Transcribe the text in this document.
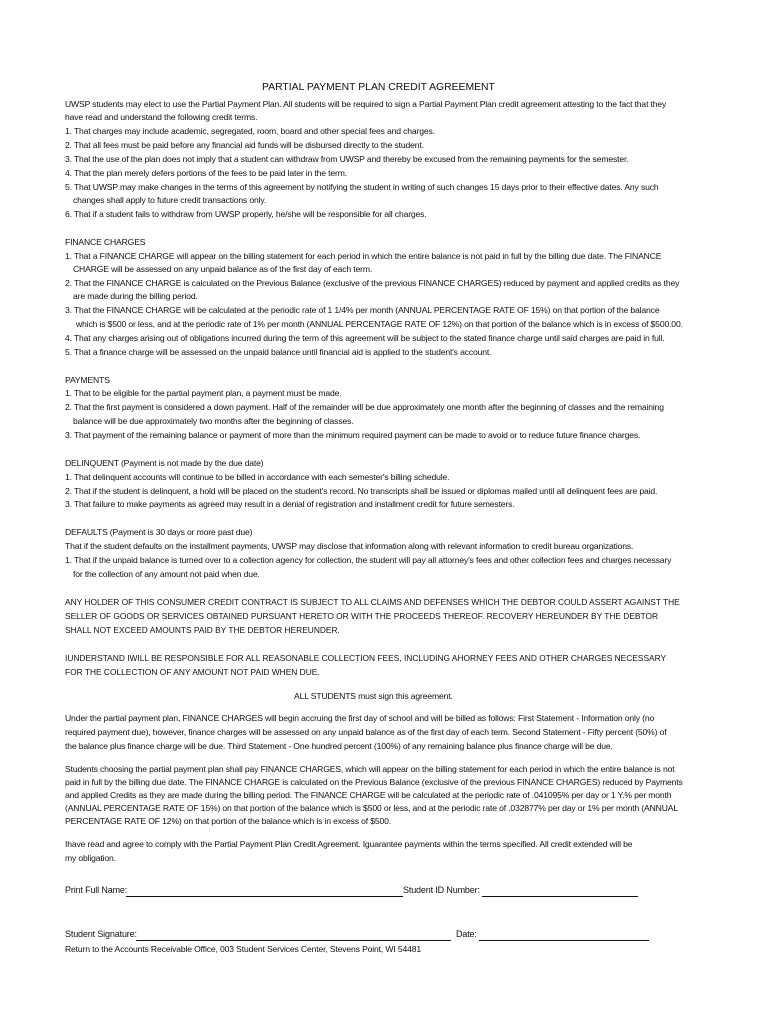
PARTIAL PAYMENT PLAN CREDIT AGREEMENT
UWSP students may elect to use the Partial Payment Plan. All students will be required to sign a Partial Payment Plan credit agreement attesting to the fact that they
have read and understand the following credit terms.
1. That charges may include academic, segregated, room, board and other special fees and charges.
2. That all fees must be paid before any financial aid funds will be disbursed directly to the student.
3. Thal the use of the plan does not imply that a student can withdraw from UWSP and thereby be excused from the remaining payments for the semester.
4. That the plan merely defers portions of the fees to be paid later in the term.
5. That UWSP may make changes in the terms of this agreement by notifying the student in writing of such changes 15 days prior to their effective dates. Any such
changes shall apply to future credit transactions only.
6. That if a student fails to withdraw from UWSP properly, he/she will be responsible for all charges.
FINANCE CHARGES
1. That a FINANCE CHARGE will appear on the billing statement for each period in which the entire balance is not paid in full by the billing due date. The FINANCE
CHARGE will be assessed on any unpaid balance as of the first day of each term.
2. That the FINANCE CHARGE is calculated on the Previous Balance (exclusive of the previous FINANCE CHARGES) reduced by payment and applied credits as they
are made during the billing period.
3. That the FINANCE CHARGE will be calculated at the periodic rate of 1 1/4% per month (ANNUAL PERCENTAGE RATE OF 15%) on that portion of the balance
which is $500 or less, and at the periodic rate of 1% per month (ANNUAL PERCENTAGE RATE OF 12%) on that portion of the balance which is in excess of $500.00.
4. That any charges arising out of obligations incurred during the term of this agreement will be subject to the stated finance charge until said charges are paid in full.
5. That a finance charge will be assessed on the unpaid balance until financial aid is applied to the student's account.
PAYMENTS
1. That to be eligible for the partial payment plan, a payment must be made.
2. That the first payment is considered a down payment. Half of the remainder will be due approximately one month after the beginning of classes and the remaining
balance will be due approximately two months after the beginning of classes.
3. That payment of the remaining balance or payment of more than the minimum required payment can be made to avoid or to reduce future finance charges.
DELINQUENT (Payment is not made by the due date)
1. That delinquent accounts will continue to be billed in accordance with each semester's billing schedule.
2. That if the student is delinquent, a hold will be placed on the student's record. No transcripts shall be issued or diplomas mailed until all delinquent fees are paid.
3. That failure to make payments as agreed may result in a denial of registration and installment credit for future semesters.
DEFAULTS (Payment is 30 days or more past due)
That if the student defaults on the installment payments, UWSP may disclose that information along with relevant information to credit bureau organizations.
1. That if the unpaid balance is turned over to a collection agency for collection, the student will pay all attorney's fees and other collection fees and charges necessary
for the collection of any amount not paid when due.
ANY HOLDER OF THIS CONSUMER CREDIT CONTRACT IS SUBJECT TO ALL CLAIMS AND DEFENSES WHICH THE DEBTOR COULD ASSERT AGAINST THE
SELLER OF GOODS OR SERVICES OBTAINED PURSUANT HERETO OR WITH THE PROCEEDS THEREOF. RECOVERY HEREUNDER BY THE DEBTOR
SHALL NOT EXCEED AMOUNTS PAID BY THE DEBTOR HEREUNDER.
IUNDERSTAND IWILL BE RESPONSIBLE FOR ALL REASONABLE COLLECTION FEES, INCLUDING AHORNEY FEES AND OTHER CHARGES NECESSARY
FOR THE COLLECTION OF ANY AMOUNT NOT PAID WHEN DUE.
ALL STUDENTS must sign this agreement.
Under the partial payment plan, FINANCE CHARGES will begin accruing the first day of school and will be billed as follows: First Statement - Information only (no
required payment due), however, finance charges will be assessed on any unpaid balance as of the first day of each term. Second Statement - Fifty percent (50%) of
the balance plus finance charge will be due. Third Statement - One hundred percent (100%) of any remaining balance plus finance charge will be due.
Students choosing the partial payment plan shall pay FINANCE CHARGES, which will appear on the billing statement for each period in which the entire balance is not
paid in full by the billing due date. The FINANCE CHARGE is calculated on the Previous Balance (exclusive of the previous FINANCE CHARGES) reduced by Payments
and applied Credits as they are made during the billing period. The FINANCE CHARGE will be calculated at the periodic rate of .041095% per day or 1 Y.% per month
(ANNUAL PERCENTAGE RATE OF 15%) on that portion of the balance which is $500 or less, and at the periodic rate of .032877% per day or 1% per month (ANNUAL
PERCENTAGE RATE OF 12%) on that portion of the balance which is in excess of $500.
Ihave read and agree to comply with the Partial Payment Plan Credit Agreement. Iguarantee payments within the terms specified. All credit extended will be
my obligation.
Print Full Name:	Student ID Number:
Student Signature:	Date:
Return to the Accounts Receivable Office, 003 Student Services Center, Stevens Point, WI 54481
